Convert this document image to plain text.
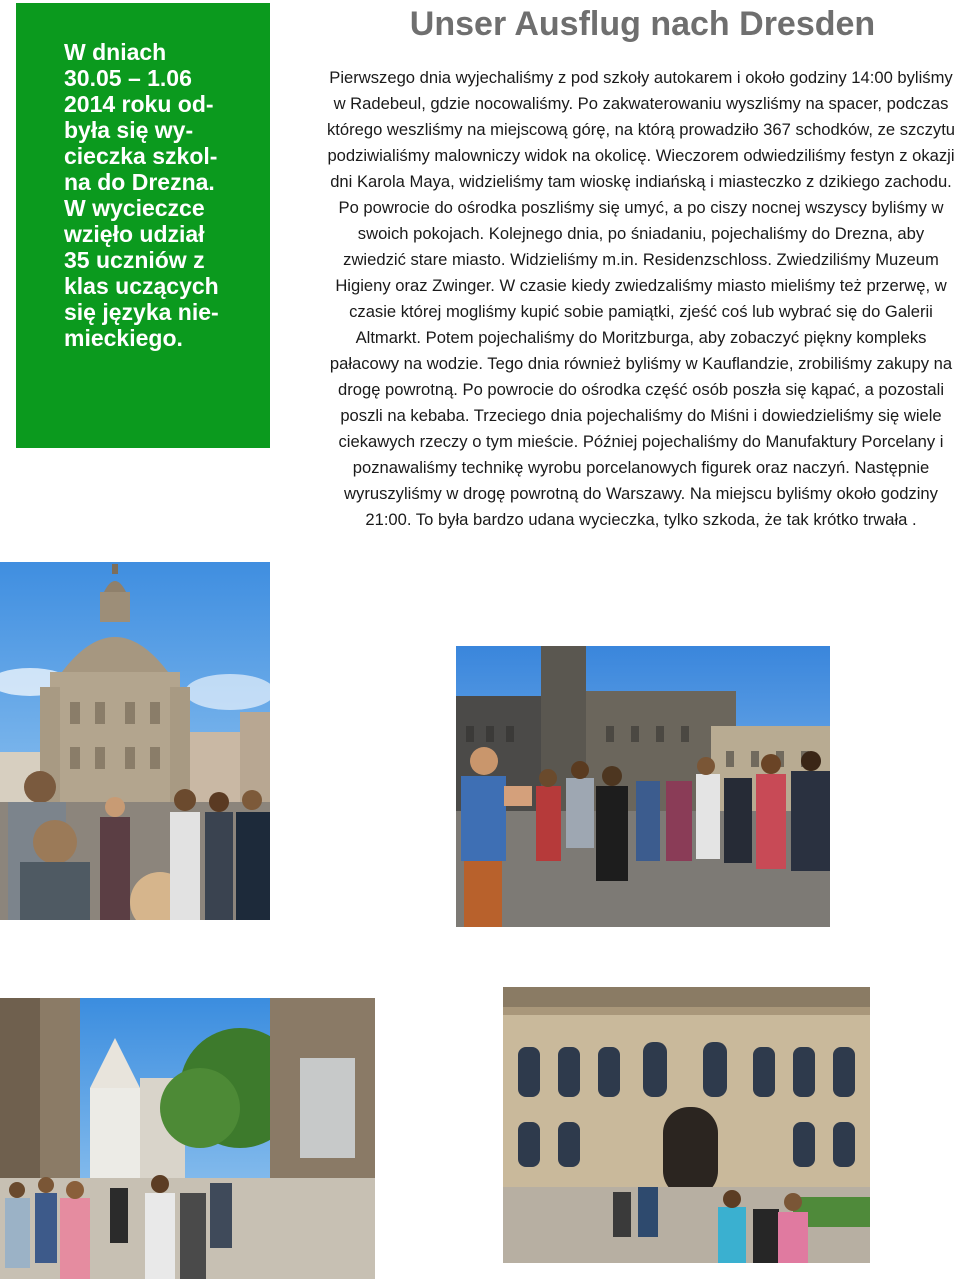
W dniach
30.05 – 1.06
2014 roku od-
była się wy-
cieczka szkol-
na do Drezna.
W wycieczce
wzięło udział
35 uczniów z
klas uczących
się języka nie-
mieckiego.

Unser Ausflug nach Dresden

Pierwszego dnia wyjechaliśmy z pod szkoły autokarem i około godziny 14:00 byliśmy w Radebeul, gdzie nocowaliśmy. Po zakwaterowaniu wyszliśmy na spacer, podczas którego weszliśmy na miejscową górę, na którą prowadziło 367 schodków, ze szczytu podziwialiśmy malowniczy widok na okolicę. Wieczorem odwiedziliśmy festyn z okazji dni Karola Maya, widzieliśmy tam wioskę indiańską i miasteczko z dzikiego zachodu. Po powrocie do ośrodka poszliśmy się umyć, a po ciszy nocnej wszyscy byliśmy w swoich pokojach. Kolejnego dnia, po śniadaniu, pojechaliśmy do Drezna, aby zwiedzić stare miasto. Widzieliśmy m.in. Residenzschloss. Zwiedziliśmy Muzeum Higieny oraz Zwinger. W czasie kiedy zwiedzaliśmy miasto mieliśmy też przerwę, w czasie której mogliśmy kupić sobie pamiątki, zjeść coś lub wybrać się do Galerii Altmarkt. Potem pojechaliśmy do Moritzburga, aby zobaczyć piękny kompleks pałacowy na wodzie. Tego dnia również byliśmy w Kauflandzie, zrobiliśmy zakupy na drogę powrotną. Po powrocie do ośrodka część osób poszła się kąpać, a pozostali poszli na kebaba. Trzeciego dnia pojechaliśmy do Miśni i dowiedzieliśmy się wiele ciekawych rzeczy o tym mieście. Później pojechaliśmy do Manufaktury Porcelany i poznawaliśmy technikę wyrobu porcelanowych figurek oraz naczyń. Następnie wyruszyliśmy w drogę powrotną do Warszawy. Na miejscu byliśmy około godziny 21:00. To była bardzo udana wycieczka, tylko szkoda, że tak krótko trwała .
